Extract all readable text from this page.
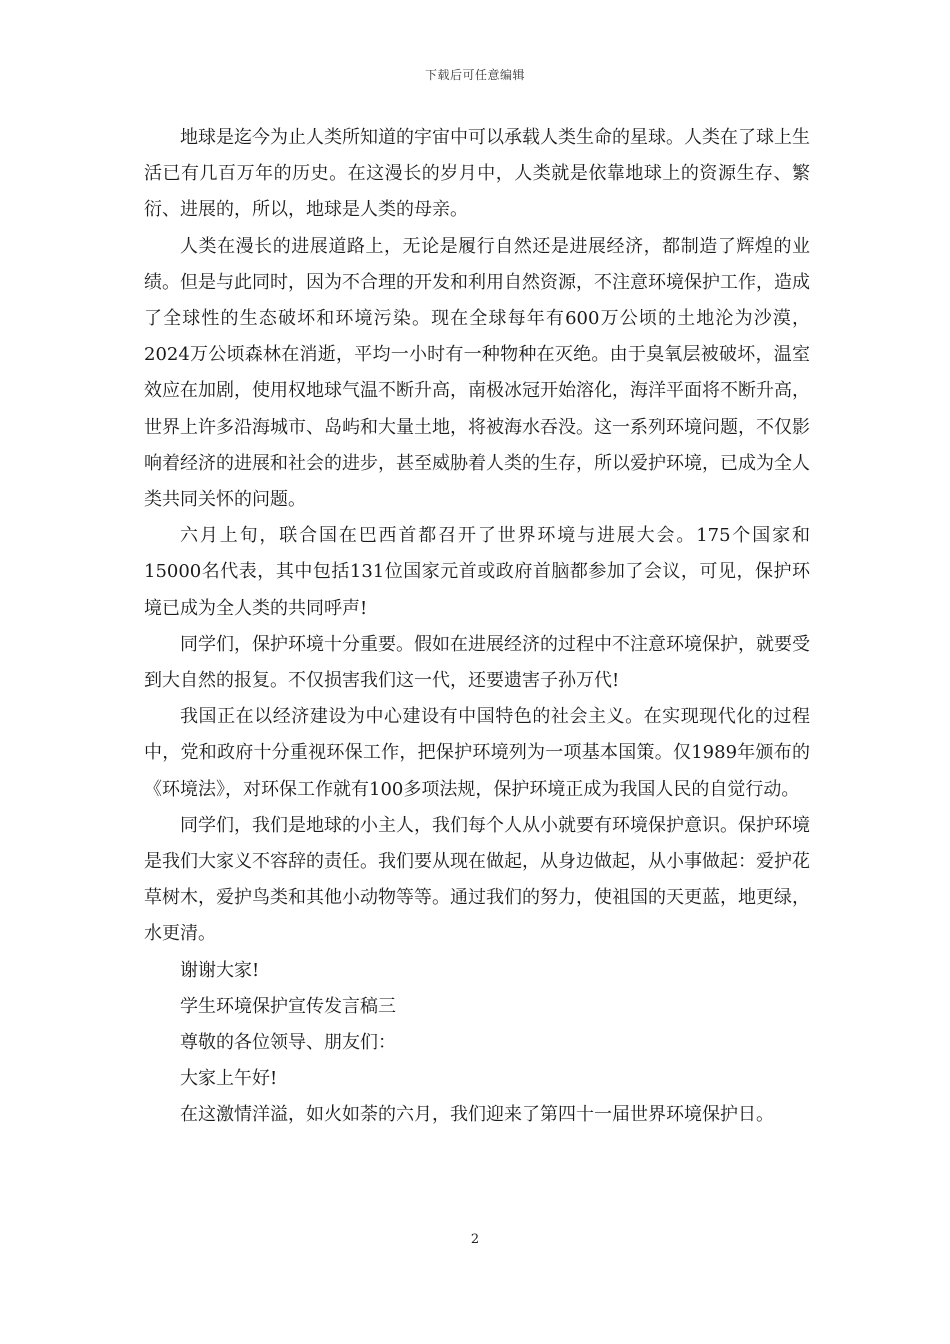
下载后可任意编辑

地球是迄今为止人类所知道的宇宙中可以承载人类生命的星球。人类在了球上生活已有几百万年的历史。在这漫长的岁月中，人类就是依靠地球上的资源生存、繁衍、进展的，所以，地球是人类的母亲。

人类在漫长的进展道路上，无论是履行自然还是进展经济，都制造了辉煌的业绩。但是与此同时，因为不合理的开发和利用自然资源，不注意环境保护工作，造成了全球性的生态破坏和环境污染。现在全球每年有600万公顷的土地沦为沙漠，2024万公顷森林在消逝，平均一小时有一种物种在灭绝。由于臭氧层被破坏，温室效应在加剧，使用权地球气温不断升高，南极冰冠开始溶化，海洋平面将不断升高，世界上许多沿海城市、岛屿和大量土地，将被海水吞没。这一系列环境问题，不仅影响着经济的进展和社会的进步，甚至威胁着人类的生存，所以爱护环境，已成为全人类共同关怀的问题。

六月上旬，联合国在巴西首都召开了世界环境与进展大会。175个国家和15000名代表，其中包括131位国家元首或政府首脑都参加了会议，可见，保护环境已成为全人类的共同呼声!

同学们，保护环境十分重要。假如在进展经济的过程中不注意环境保护，就要受到大自然的报复。不仅损害我们这一代，还要遗害子孙万代!

我国正在以经济建设为中心建设有中国特色的社会主义。在实现现代化的过程中，党和政府十分重视环保工作，把保护环境列为一项基本国策。仅1989年颁布的《环境法》，对环保工作就有100多项法规，保护环境正成为我国人民的自觉行动。

同学们，我们是地球的小主人，我们每个人从小就要有环境保护意识。保护环境是我们大家义不容辞的责任。我们要从现在做起，从身边做起，从小事做起：爱护花草树木，爱护鸟类和其他小动物等等。通过我们的努力，使祖国的天更蓝，地更绿，水更清。

谢谢大家!

学生环境保护宣传发言稿三

尊敬的各位领导、朋友们：

大家上午好!

在这激情洋溢，如火如荼的六月，我们迎来了第四十一届世界环境保护日。

2
